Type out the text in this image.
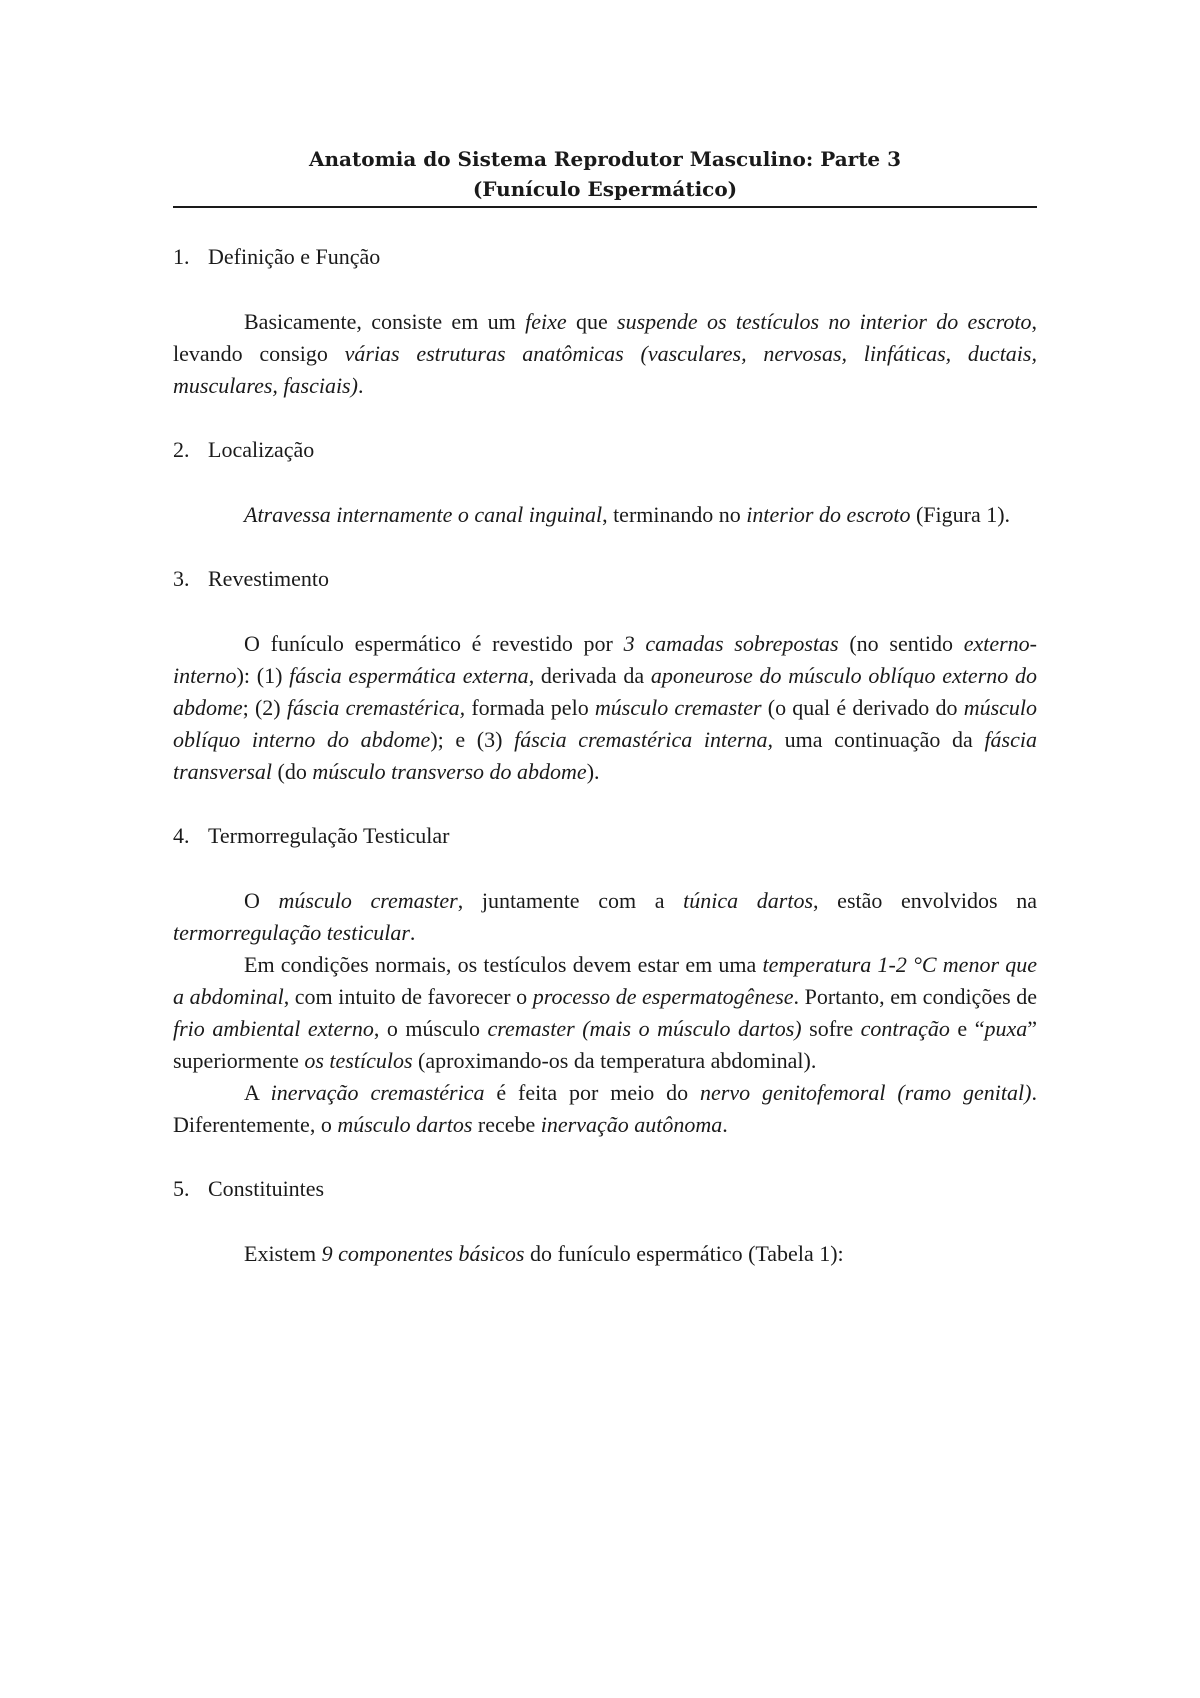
Anatomia do Sistema Reprodutor Masculino: Parte 3
(Funículo Espermático)
1. Definição e Função

Basicamente, consiste em um feixe que suspende os testículos no interior do escroto, levando consigo várias estruturas anatômicas (vasculares, nervosas, linfáticas, ductais, musculares, fasciais).

2. Localização

Atravessa internamente o canal inguinal, terminando no interior do escroto (Figura 1).

3. Revestimento

O funículo espermático é revestido por 3 camadas sobrepostas (no sentido externo-interno): (1) fáscia espermática externa, derivada da aponeurose do músculo oblíquo externo do abdome; (2) fáscia cremastérica, formada pelo músculo cremaster (o qual é derivado do músculo oblíquo interno do abdome); e (3) fáscia cremastérica interna, uma continuação da fáscia transversal (do músculo transverso do abdome).

4. Termorregulação Testicular

O músculo cremaster, juntamente com a túnica dartos, estão envolvidos na termorregulação testicular.

Em condições normais, os testículos devem estar em uma temperatura 1-2 °C menor que a abdominal, com intuito de favorecer o processo de espermatogênese. Portanto, em condições de frio ambiental externo, o músculo cremaster (mais o músculo dartos) sofre contração e “puxa” superiormente os testículos (aproximando-os da temperatura abdominal).

A inervação cremastérica é feita por meio do nervo genitofemoral (ramo genital). Diferentemente, o músculo dartos recebe inervação autônoma.

5. Constituintes

Existem 9 componentes básicos do funículo espermático (Tabela 1):
